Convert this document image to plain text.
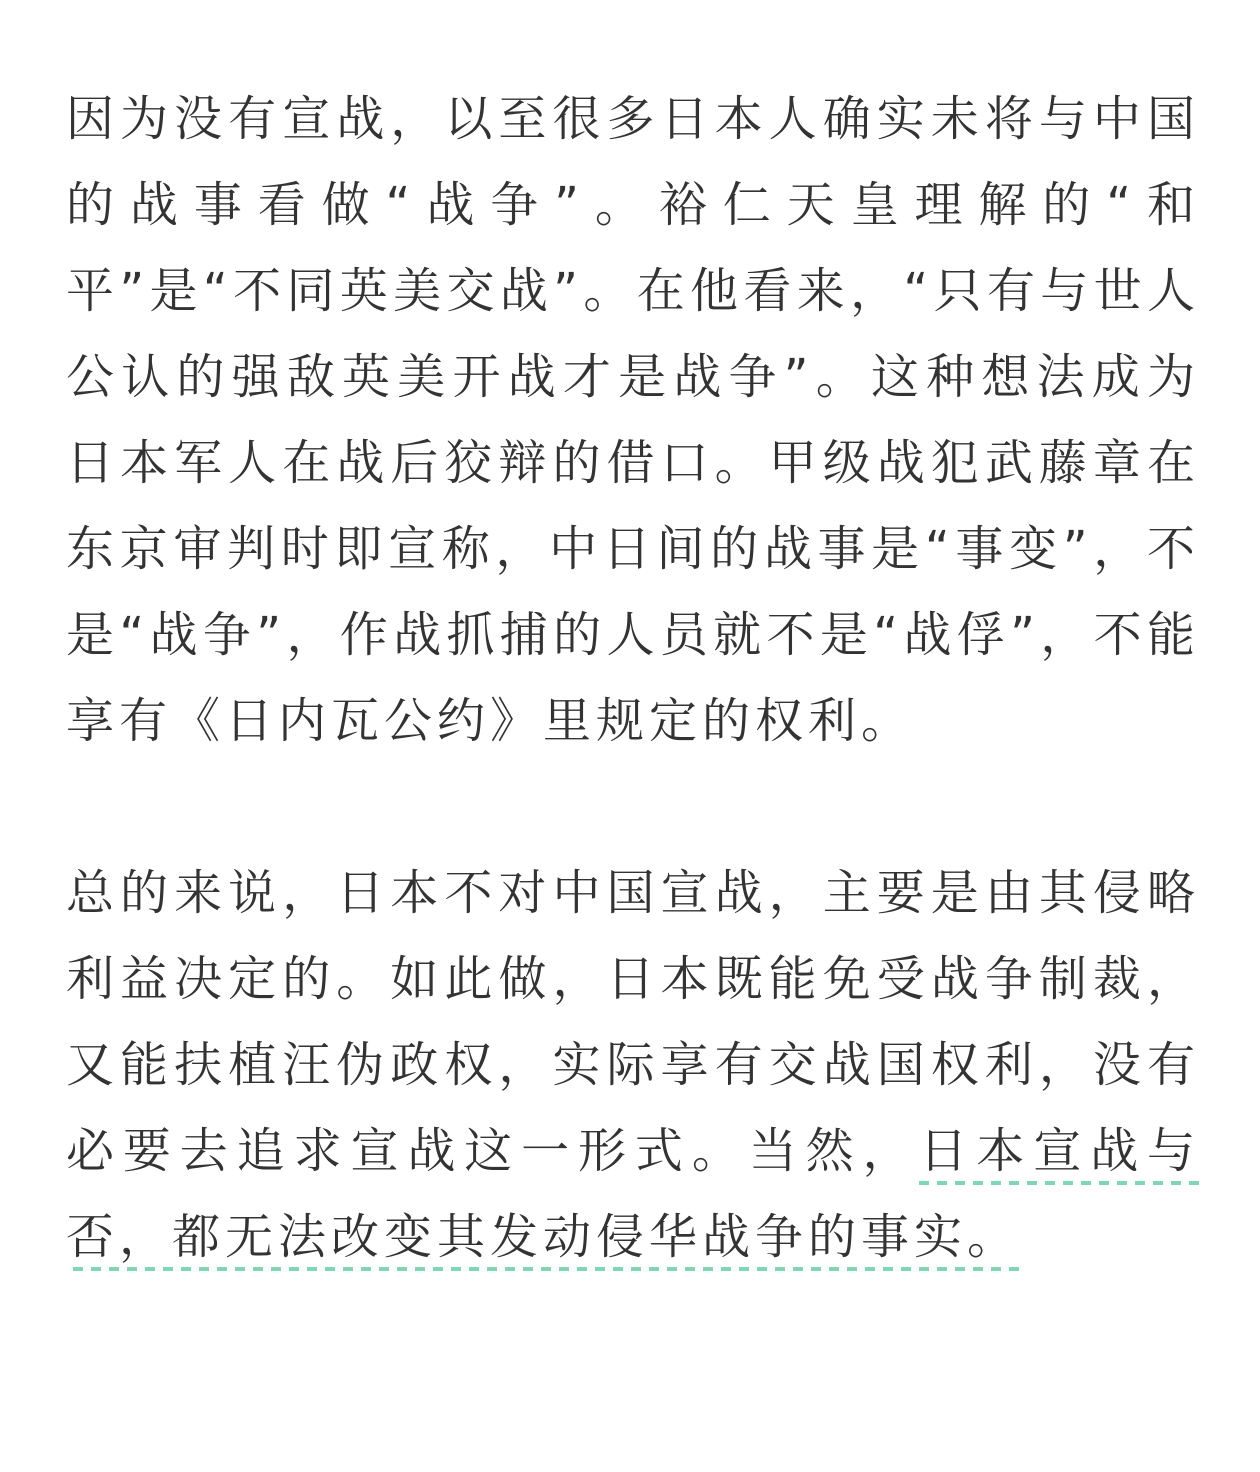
因为没有宣战，以至很多日本人确实未将与中国的战事看做“战争”。裕仁天皇理解的“和平”是“不同英美交战”。在他看来，“只有与世人公认的强敌英美开战才是战争”。这种想法成为日本军人在战后狡辩的借口。甲级战犯武藤章在东京审判时即宣称，中日间的战事是“事变”，不是“战争”，作战抓捕的人员就不是“战俘”，不能享有《日内瓦公约》里规定的权利。

总的来说，日本不对中国宣战，主要是由其侵略利益决定的。如此做，日本既能免受战争制裁，又能扶植汪伪政权，实际享有交战国权利，没有必要去追求宣战这一形式。当然，日本宣战与否，都无法改变其发动侵华战争的事实。
